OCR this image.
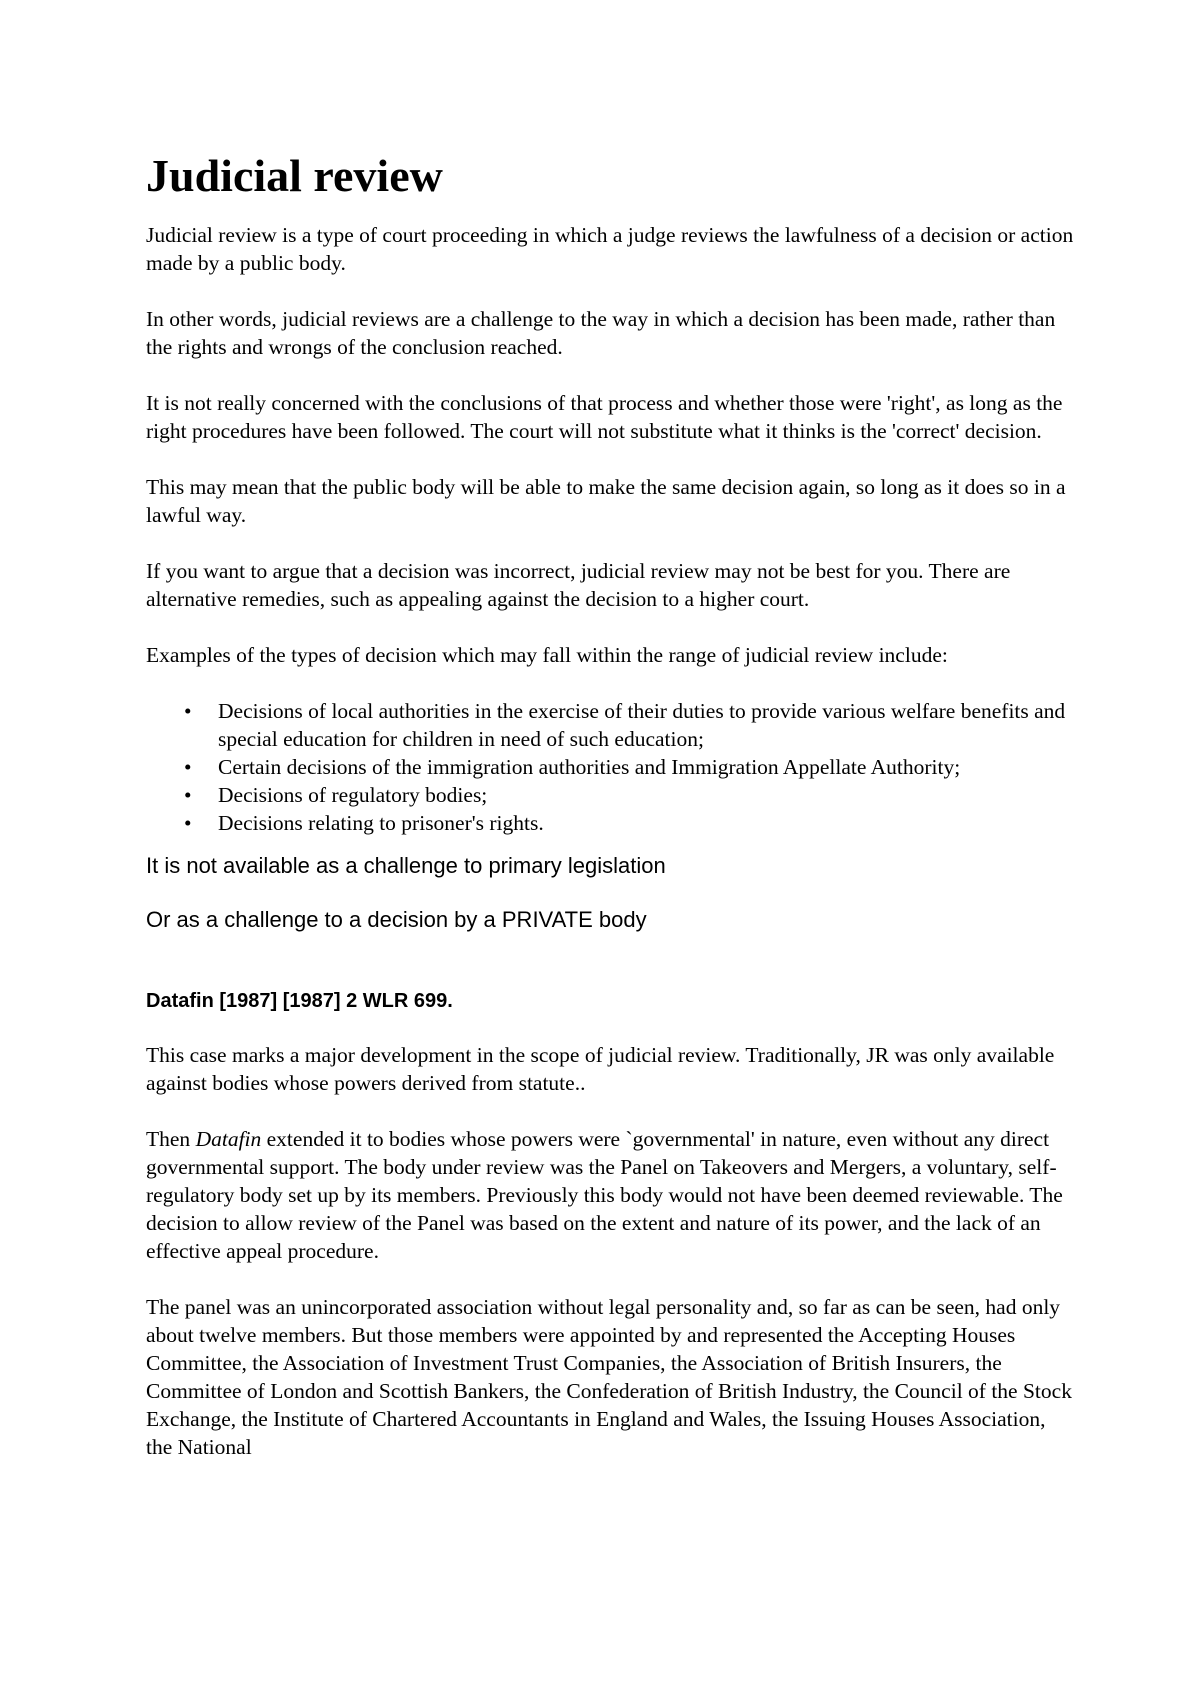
Judicial review

Judicial review is a type of court proceeding in which a judge reviews the lawfulness of a decision or action made by a public body.

In other words, judicial reviews are a challenge to the way in which a decision has been made, rather than the rights and wrongs of the conclusion reached.

It is not really concerned with the conclusions of that process and whether those were 'right', as long as the right procedures have been followed. The court will not substitute what it thinks is the 'correct' decision.

This may mean that the public body will be able to make the same decision again, so long as it does so in a lawful way.

If you want to argue that a decision was incorrect, judicial review may not be best for you. There are alternative remedies, such as appealing against the decision to a higher court.

Examples of the types of decision which may fall within the range of judicial review include:

• Decisions of local authorities in the exercise of their duties to provide various welfare benefits and special education for children in need of such education;
• Certain decisions of the immigration authorities and Immigration Appellate Authority;
• Decisions of regulatory bodies;
• Decisions relating to prisoner's rights.

It is not available as a challenge to primary legislation

Or as a challenge to a decision by a PRIVATE body

Datafin [1987] [1987] 2 WLR 699.

This case marks a major development in the scope of judicial review. Traditionally, JR was only available against bodies whose powers derived from statute..

Then Datafin extended it to bodies whose powers were `governmental' in nature, even without any direct governmental support. The body under review was the Panel on Takeovers and Mergers, a voluntary, self-regulatory body set up by its members. Previously this body would not have been deemed reviewable. The decision to allow review of the Panel was based on the extent and nature of its power, and the lack of an effective appeal procedure.

The panel was an unincorporated association without legal personality and, so far as can be seen, had only about twelve members. But those members were appointed by and represented the Accepting Houses Committee, the Association of Investment Trust Companies, the Association of British Insurers, the Committee of London and Scottish Bankers, the Confederation of British Industry, the Council of the Stock Exchange, the Institute of Chartered Accountants in England and Wales, the Issuing Houses Association, the National
